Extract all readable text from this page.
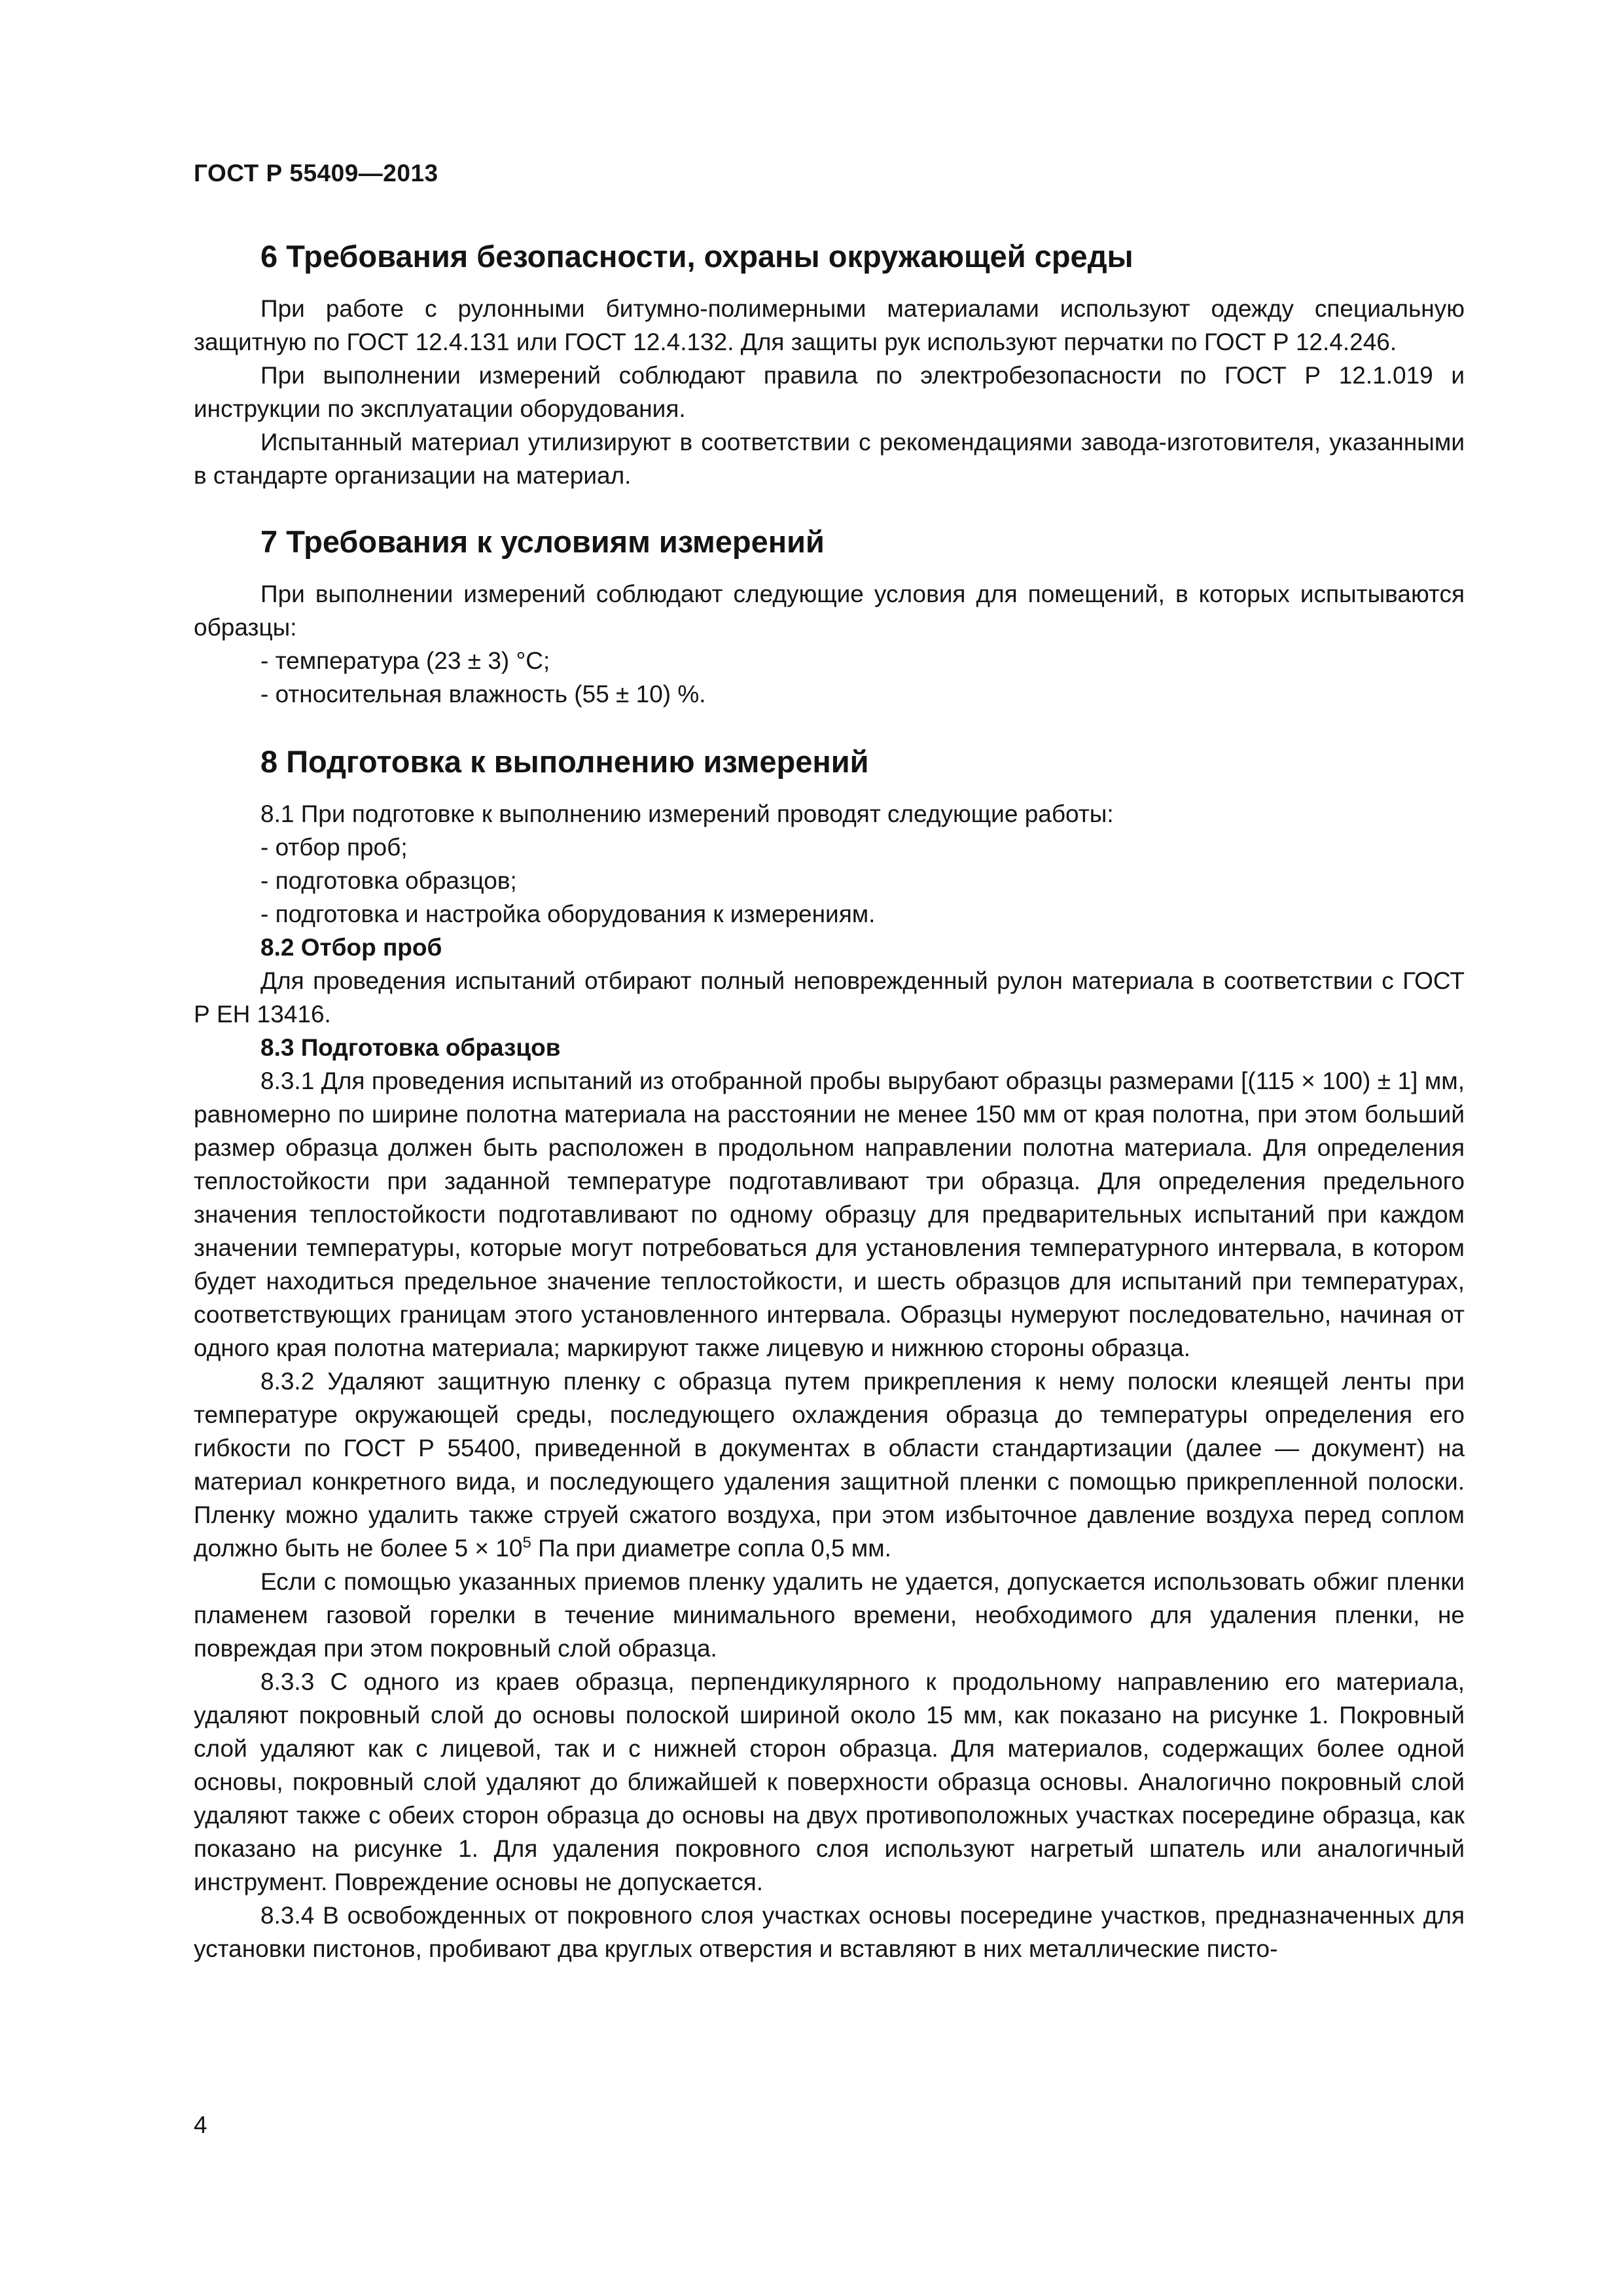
ГОСТ Р 55409—2013
6 Требования безопасности, охраны окружающей среды

При работе с рулонными битумно-полимерными материалами используют одежду специальную защитную по ГОСТ 12.4.131 или ГОСТ 12.4.132. Для защиты рук используют перчатки по ГОСТ Р 12.4.246.

При выполнении измерений соблюдают правила по электробезопасности по ГОСТ Р 12.1.019 и инструкции по эксплуатации оборудования.

Испытанный материал утилизируют в соответствии с рекомендациями завода-изготовителя, указанными в стандарте организации на материал.

7 Требования к условиям измерений

При выполнении измерений соблюдают следующие условия для помещений, в которых испытываются образцы:

- температура (23 ± 3) °С;

- относительная влажность (55 ± 10) %.

8 Подготовка к выполнению измерений

8.1 При подготовке к выполнению измерений проводят следующие работы:

- отбор проб;

- подготовка образцов;

- подготовка и настройка оборудования к измерениям.

8.2 Отбор проб

Для проведения испытаний отбирают полный неповрежденный рулон материала в соответствии с ГОСТ Р ЕН 13416.

8.3 Подготовка образцов

8.3.1 Для проведения испытаний из отобранной пробы вырубают образцы размерами [(115 × 100) ± 1] мм, равномерно по ширине полотна материала на расстоянии не менее 150 мм от края полотна, при этом больший размер образца должен быть расположен в продольном направлении полотна материала. Для определения теплостойкости при заданной температуре подготавливают три образца. Для определения предельного значения теплостойкости подготавливают по одному образцу для предварительных испытаний при каждом значении температуры, которые могут потребоваться для установления температурного интервала, в котором будет находиться предельное значение теплостойкости, и шесть образцов для испытаний при температурах, соответствующих границам этого установленного интервала. Образцы нумеруют последовательно, начиная от одного края полотна материала; маркируют также лицевую и нижнюю стороны образца.

8.3.2 Удаляют защитную пленку с образца путем прикрепления к нему полоски клеящей ленты при температуре окружающей среды, последующего охлаждения образца до температуры определения его гибкости по ГОСТ Р 55400, приведенной в документах в области стандартизации (далее — документ) на материал конкретного вида, и последующего удаления защитной пленки с помощью прикрепленной полоски. Пленку можно удалить также струей сжатого воздуха, при этом избыточное давление воздуха перед соплом должно быть не более $5 \times 10^5$ Па при диаметре сопла 0,5 мм.

Если с помощью указанных приемов пленку удалить не удается, допускается использовать обжиг пленки пламенем газовой горелки в течение минимального времени, необходимого для удаления пленки, не повреждая при этом покровный слой образца.

8.3.3 С одного из краев образца, перпендикулярного к продольному направлению его материала, удаляют покровный слой до основы полоской шириной около 15 мм, как показано на рисунке 1. Покровный слой удаляют как с лицевой, так и с нижней сторон образца. Для материалов, содержащих более одной основы, покровный слой удаляют до ближайшей к поверхности образца основы. Аналогично покровный слой удаляют также с обеих сторон образца до основы на двух противоположных участках посередине образца, как показано на рисунке 1. Для удаления покровного слоя используют нагретый шпатель или аналогичный инструмент. Повреждение основы не допускается.

8.3.4 В освобожденных от покровного слоя участках основы посередине участков, предназначенных для установки пистонов, пробивают два круглых отверстия и вставляют в них металлические писто-

4
